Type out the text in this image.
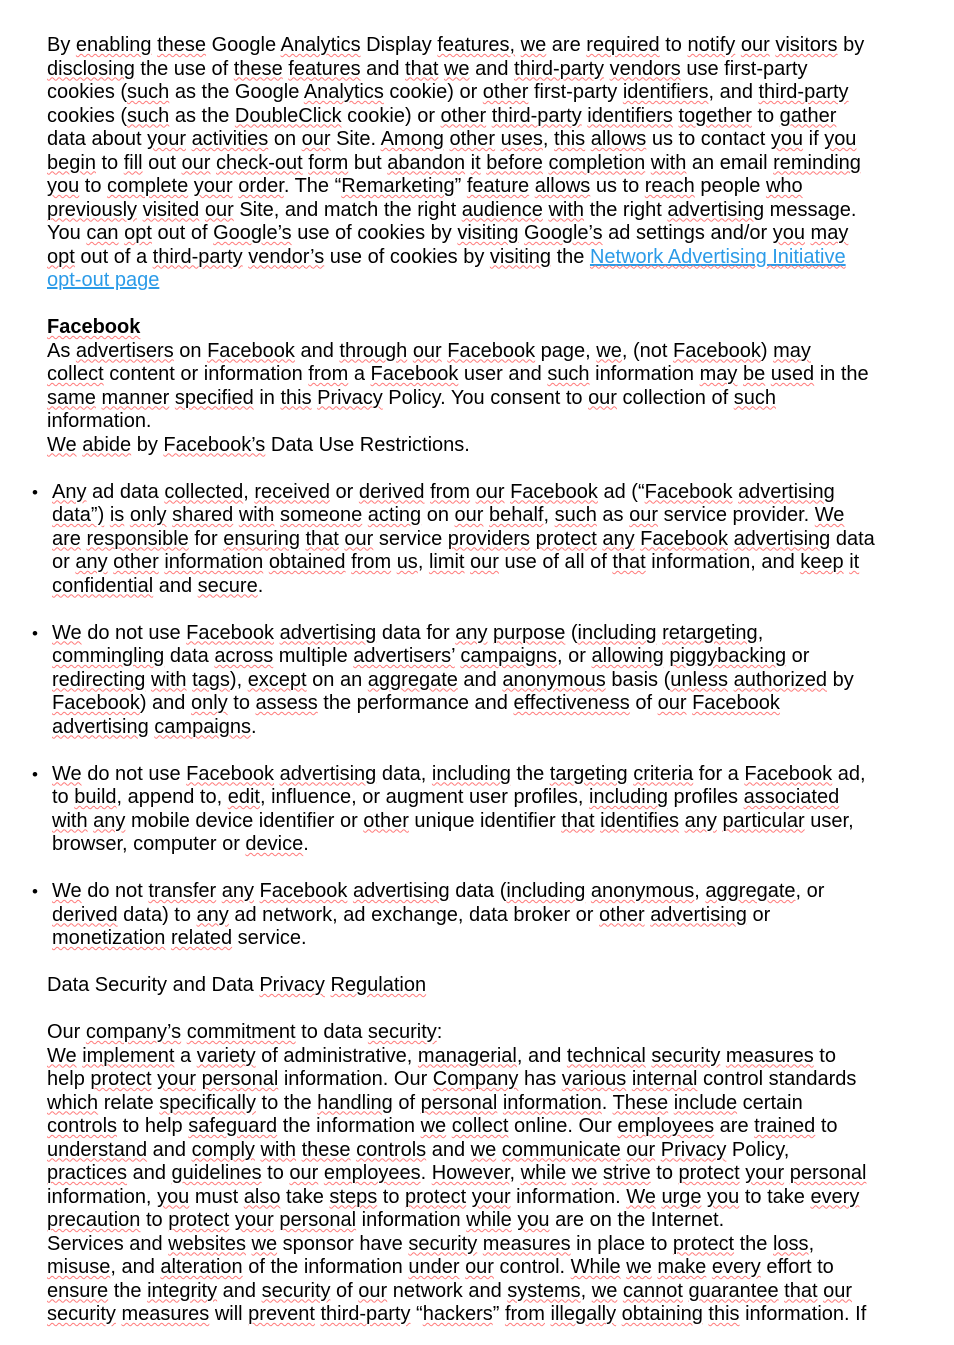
By enabling these Google Analytics Display features, we are required to notify our visitors by
disclosing the use of these features and that we and third-party vendors use first-party
cookies (such as the Google Analytics cookie) or other first-party identifiers, and third-party
cookies (such as the DoubleClick cookie) or other third-party identifiers together to gather
data about your activities on our Site. Among other uses, this allows us to contact you if you
begin to fill out our check-out form but abandon it before completion with an email reminding
you to complete your order. The “Remarketing” feature allows us to reach people who
previously visited our Site, and match the right audience with the right advertising message.
You can opt out of Google’s use of cookies by visiting Google’s ad settings and/or you may
opt out of a third-party vendor’s use of cookies by visiting the Network Advertising Initiative
opt-out page
Facebook
As advertisers on Facebook and through our Facebook page, we, (not Facebook) may
collect content or information from a Facebook user and such information may be used in the
same manner specified in this Privacy Policy. You consent to our collection of such
information.
We abide by Facebook’s Data Use Restrictions.
• Any ad data collected, received or derived from our Facebook ad (“Facebook advertising
data”) is only shared with someone acting on our behalf, such as our service provider. We
are responsible for ensuring that our service providers protect any Facebook advertising data
or any other information obtained from us, limit our use of all of that information, and keep it
confidential and secure.
• We do not use Facebook advertising data for any purpose (including retargeting,
commingling data across multiple advertisers’ campaigns, or allowing piggybacking or
redirecting with tags), except on an aggregate and anonymous basis (unless authorized by
Facebook) and only to assess the performance and effectiveness of our Facebook
advertising campaigns.
• We do not use Facebook advertising data, including the targeting criteria for a Facebook ad,
to build, append to, edit, influence, or augment user profiles, including profiles associated
with any mobile device identifier or other unique identifier that identifies any particular user,
browser, computer or device.
• We do not transfer any Facebook advertising data (including anonymous, aggregate, or
derived data) to any ad network, ad exchange, data broker or other advertising or
monetization related service.
Data Security and Data Privacy Regulation
Our company’s commitment to data security:
We implement a variety of administrative, managerial, and technical security measures to
help protect your personal information. Our Company has various internal control standards
which relate specifically to the handling of personal information. These include certain
controls to help safeguard the information we collect online. Our employees are trained to
understand and comply with these controls and we communicate our Privacy Policy,
practices and guidelines to our employees. However, while we strive to protect your personal
information, you must also take steps to protect your information. We urge you to take every
precaution to protect your personal information while you are on the Internet.
Services and websites we sponsor have security measures in place to protect the loss,
misuse, and alteration of the information under our control. While we make every effort to
ensure the integrity and security of our network and systems, we cannot guarantee that our
security measures will prevent third-party “hackers” from illegally obtaining this information. If
